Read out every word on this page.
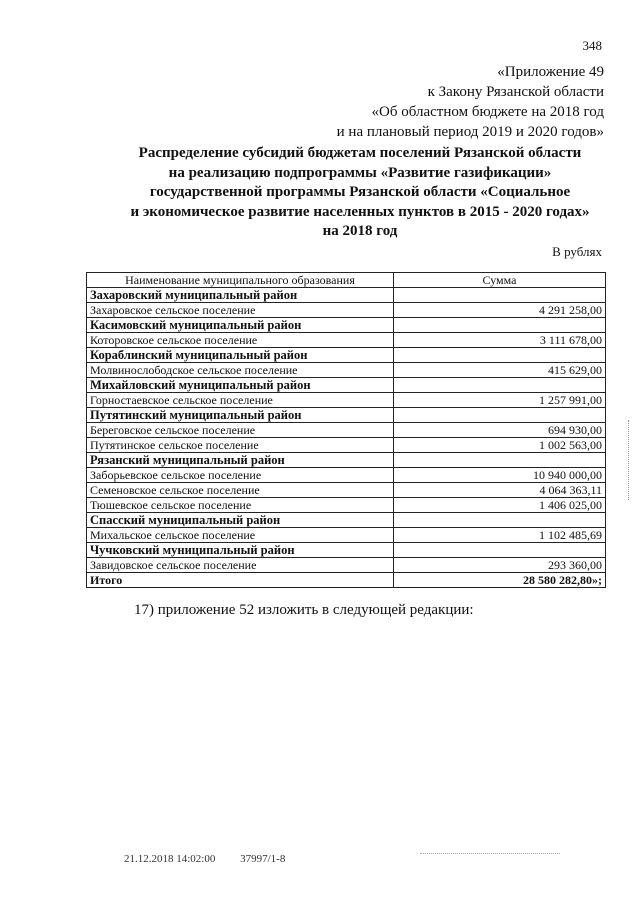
348
«Приложение 49
к Закону Рязанской области
«Об областном бюджете на 2018 год
и на плановый период 2019 и 2020 годов»
Распределение субсидий бюджетам поселений Рязанской области
на реализацию подпрограммы «Развитие газификации»
государственной программы Рязанской области «Социальное
и экономическое развитие населенных пунктов в 2015 - 2020 годах»
на 2018 год
В рублях
Наименование муниципального образования	Сумма
Захаровский муниципальный район	
Захаровское сельское поселение	4 291 258,00
Касимовский муниципальный район	
Которовское сельское поселение	3 111 678,00
Кораблинский муниципальный район	
Молвинослободское сельское поселение	415 629,00
Михайловский муниципальный район	
Горностаевское сельское поселение	1 257 991,00
Путятинский муниципальный район	
Береговское сельское поселение	694 930,00
Путятинское сельское поселение	1 002 563,00
Рязанский муниципальный район	
Заборьевское сельское поселение	10 940 000,00
Семеновское сельское поселение	4 064 363,11
Тюшевское сельское поселение	1 406 025,00
Спасский муниципальный район	
Михальское сельское поселение	1 102 485,69
Чучковский муниципальный район	
Завидовское сельское поселение	293 360,00
Итого	28 580 282,80»;
17) приложение 52 изложить в следующей редакции:
21.12.2018 14:02:00 37997/1-8
